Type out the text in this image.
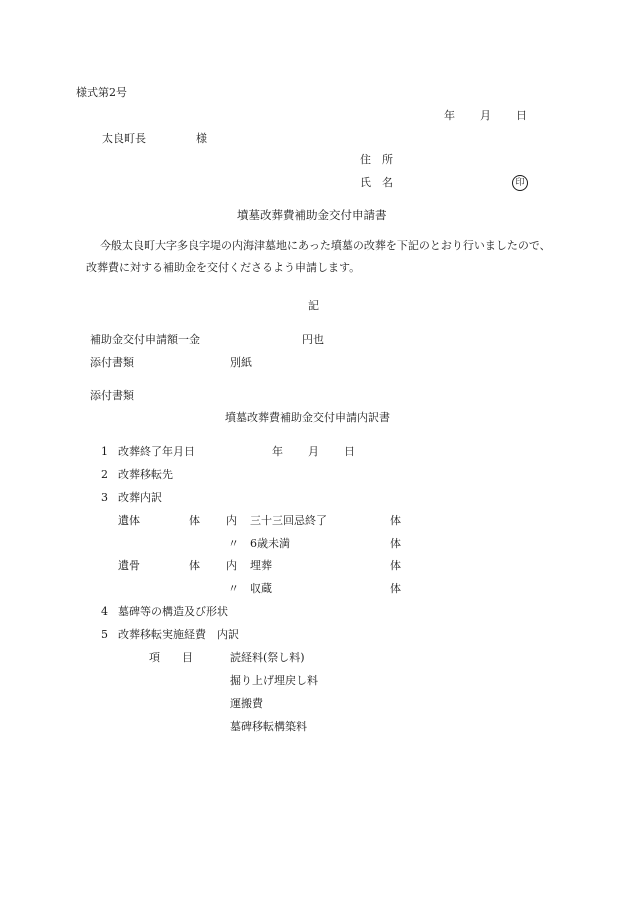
様式第2号
年 月 日
太良町長	様
住　所
氏　名	印
墳墓改葬費補助金交付申請書
今般太良町大字多良字堤の内海津墓地にあった墳墓の改葬を下記のとおり行いましたので、改葬費に対する補助金を交付くださるよう申請します。
記
補助金交付申請額一金	円也
添付書類	別紙
添付書類
墳墓改葬費補助金交付申請内訳書
1 改葬終了年月日	年 月 日
2 改葬移転先
3 改葬内訳
遺体	体 内 三十三回忌終了	体
〃 6歳未満	体
遺骨	体 内 埋葬	体
〃 収蔵	体
4 墓碑等の構造及び形状
5 改葬移転実施経費　内訳
項　　目	読経料(祭し料)
掘り上げ埋戻し料
運搬費
墓碑移転構築料
